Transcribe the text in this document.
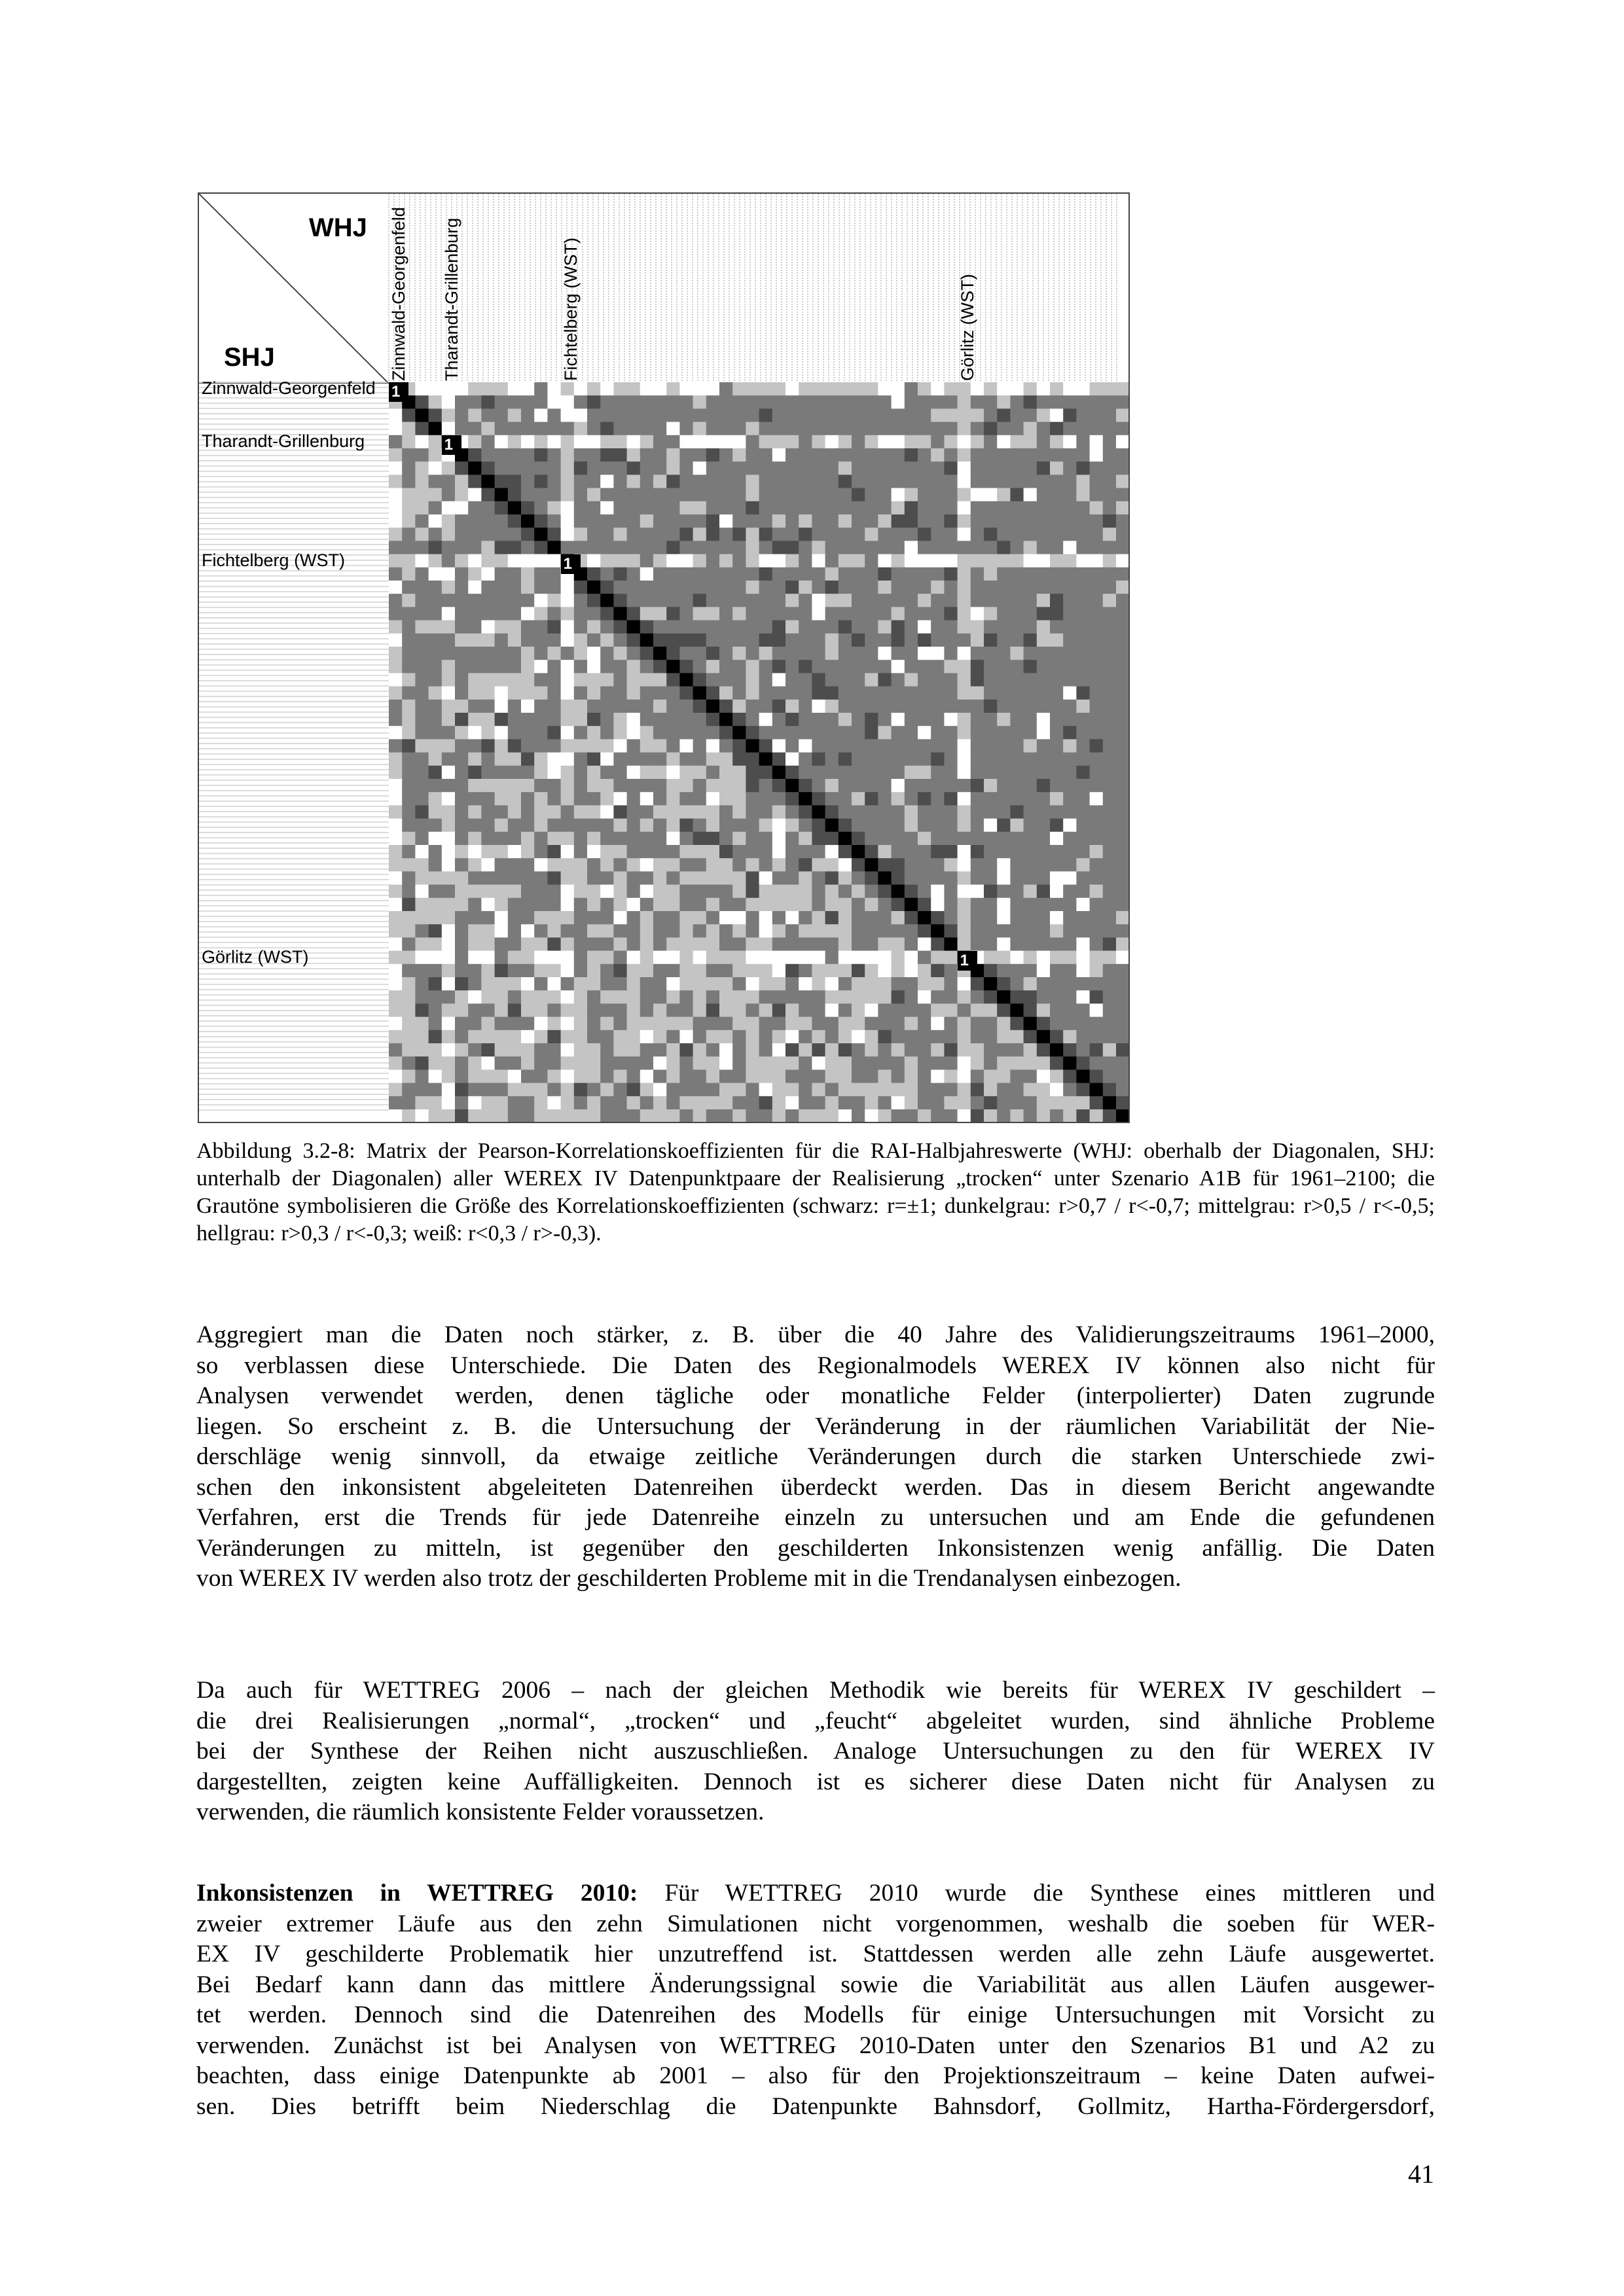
WHJ
SHJ
Zinnwald-Georgenfeld
Zinnwald-Georgenfeld
1
Tharandt-Grillenburg
Tharandt-Grillenburg
1
Fichtelberg (WST)
Fichtelberg (WST)
1
Görlitz (WST)
Görlitz (WST)
1
Abbildung 3.2-8: Matrix der Pearson-Korrelationskoeffizienten für die RAI-Halbjahreswerte (WHJ: oberhalb der Diagonalen, SHJ: unterhalb der Diagonalen) aller WEREX IV Datenpunktpaare der Realisierung „trocken“ unter Szenario A1B für 1961–2100; die Grautöne symbolisieren die Größe des Korrelationskoeffizienten (schwarz: r=±1; dunkelgrau: r>0,7 / r<-0,7; mittelgrau: r>0,5 / r<-0,5; hellgrau: r>0,3 / r<-0,3; weiß: r<0,3 / r>-0,3).
Aggregiert man die Daten noch stärker, z. B. über die 40 Jahre des Validierungszeitraums 1961–2000,
so verblassen diese Unterschiede. Die Daten des Regionalmodels WEREX IV können also nicht für
Analysen verwendet werden, denen tägliche oder monatliche Felder (interpolierter) Daten zugrunde
liegen. So erscheint z. B. die Untersuchung der Veränderung in der räumlichen Variabilität der Nie-
derschläge wenig sinnvoll, da etwaige zeitliche Veränderungen durch die starken Unterschiede zwi-
schen den inkonsistent abgeleiteten Datenreihen überdeckt werden. Das in diesem Bericht angewandte
Verfahren, erst die Trends für jede Datenreihe einzeln zu untersuchen und am Ende die gefundenen
Veränderungen zu mitteln, ist gegenüber den geschilderten Inkonsistenzen wenig anfällig. Die Daten
von WEREX IV werden also trotz der geschilderten Probleme mit in die Trendanalysen einbezogen.
Da auch für WETTREG 2006 – nach der gleichen Methodik wie bereits für WEREX IV geschildert –
die drei Realisierungen „normal“, „trocken“ und „feucht“ abgeleitet wurden, sind ähnliche Probleme
bei der Synthese der Reihen nicht auszuschließen. Analoge Untersuchungen zu den für WEREX IV
dargestellten, zeigten keine Auffälligkeiten. Dennoch ist es sicherer diese Daten nicht für Analysen zu
verwenden, die räumlich konsistente Felder voraussetzen.
Inkonsistenzen in WETTREG 2010: Für WETTREG 2010 wurde die Synthese eines mittleren und
zweier extremer Läufe aus den zehn Simulationen nicht vorgenommen, weshalb die soeben für WER-
EX IV geschilderte Problematik hier unzutreffend ist. Stattdessen werden alle zehn Läufe ausgewertet.
Bei Bedarf kann dann das mittlere Änderungssignal sowie die Variabilität aus allen Läufen ausgewer-
tet werden. Dennoch sind die Datenreihen des Modells für einige Untersuchungen mit Vorsicht zu
verwenden. Zunächst ist bei Analysen von WETTREG 2010-Daten unter den Szenarios B1 und A2 zu
beachten, dass einige Datenpunkte ab 2001 – also für den Projektionszeitraum – keine Daten aufwei-
sen. Dies betrifft beim Niederschlag die Datenpunkte Bahnsdorf, Gollmitz, Hartha-Fördergersdorf,
41
